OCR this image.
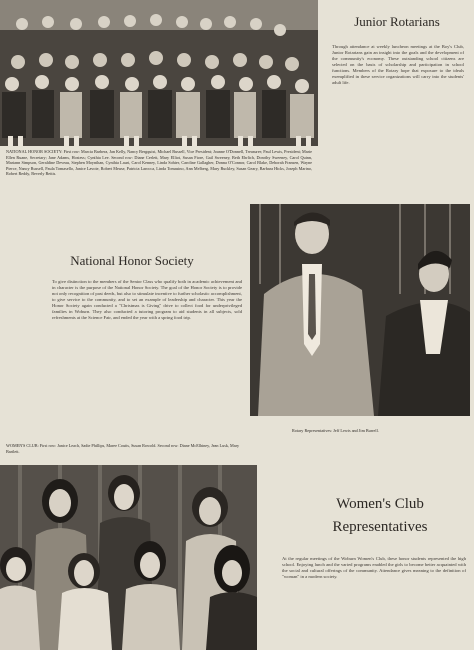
NATIONAL HONOR SOCIETY: First row: Marcia Barbera, Jan Kelly, Nancy Bergquist, Michael Bussell, Vice President; Joanne O'Donnell, Treasurer; Paul Lewis, President; Marie Ellen Ruane, Secretary; Jane Adams, Hostess; Cynthia Lee. Second row: Diane Cerlett, Mary Elliot, Susan Fiore, Gail Sweeney, Beth Ehrlich, Dorothy Sweeney, Carol Quinn, Mariann Simpson, Geraldine Deveau, Stephen Moynihan, Cynthia Lauri, Carol Kenney, Linda Sohier, Caroline Gallagher, Donna O'Connor, Carol Blake, Deborah Fransen, Wayne Pierce, Nancy Russell, Paula Tomasello, Janice Lavoie, Robert Meuse, Patricia Larocca, Linda Tomasino, Ann Melberg, Mary Buckley, Susan Geary, Barbara Hicks, Joseph Marino, Robert Reddy, Beverly Bettis.
Junior Rotarians
Through attendance at weekly luncheon meetings at the Boy's Club, Junior Rotarians gain an insight into the goals and the development of the community's economy. These outstanding school citizens are selected on the basis of scholarship and participation in school functions. Members of the Rotary hope that exposure to the ideals exemplified in these service organizations will carry into the students' adult life.
National Honor Society
To give distinction to the members of the Senior Class who qualify both in academic achievement and in character is the purpose of the National Honor Society. The goal of the Honor Society is to provide not only recognition of past deeds, but also to stimulate incentive to further scholastic accomplishment, to give service to the community, and to set an example of leadership and character. This year the Honor Society again conducted a "Christmas is Giving" drive to collect food for underprivileged families in Woburn. They also conducted a tutoring program to aid students in all subjects, sold refreshments at the Science Fair, and ended the year with a spring food trip.
Rotary Representatives: Jeff Lewis and Jim Burrell.
WOMEN'S CLUB: First row: Janice Leach, Sadie Phillips, Maree Coutts, Susan Rowold. Second row: Diane McElhiney, Jean Lusk, Mary Bartlett.
Women's Club
Representatives
At the regular meetings of the Woburn Women's Club, these honor students represented the high school. Enjoying lunch and the varied programs enabled the girls to become better acquainted with the social and cultural offerings of the community. Attendance gives meaning to the definition of "woman" in a modern society.
